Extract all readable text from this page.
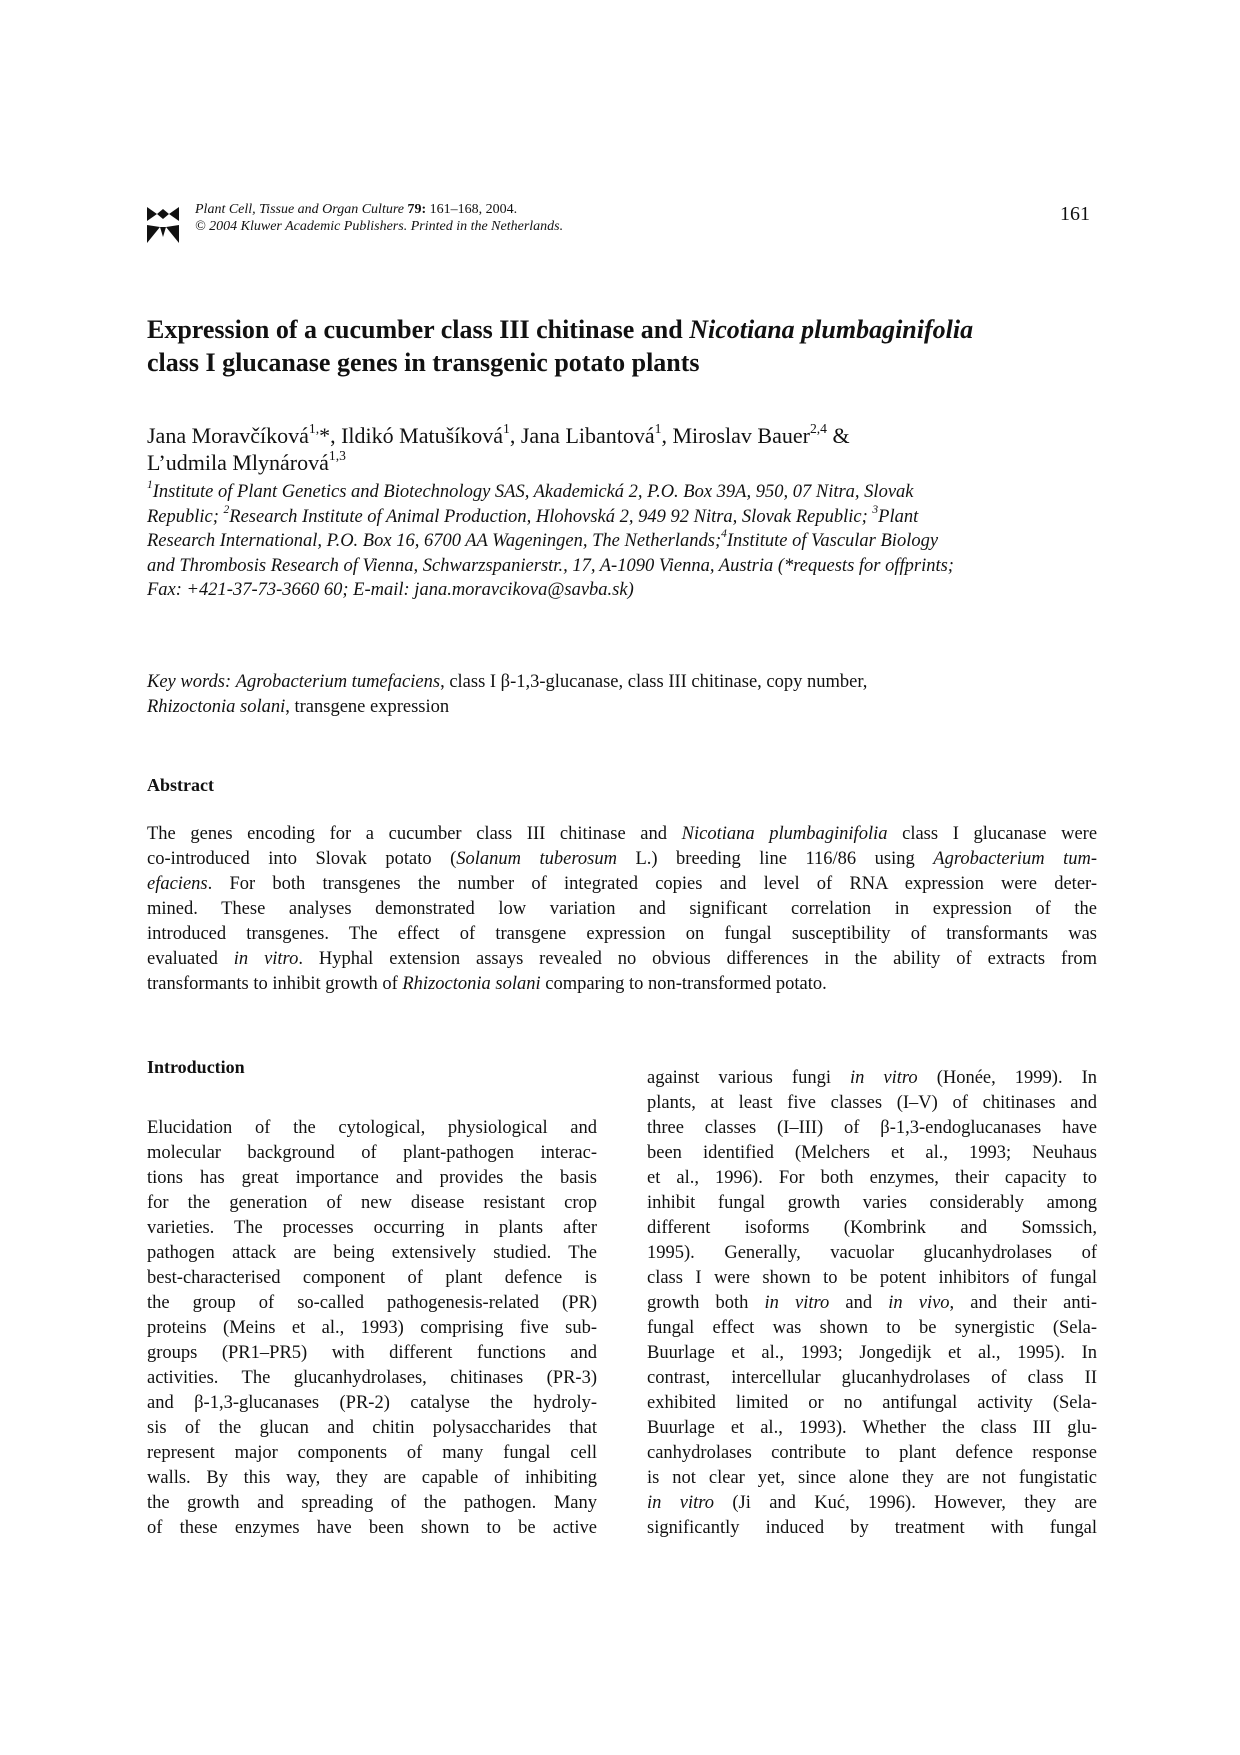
Plant Cell, Tissue and Organ Culture 79: 161–168, 2004.
© 2004 Kluwer Academic Publishers. Printed in the Netherlands.
161
Expression of a cucumber class III chitinase and Nicotiana plumbaginifolia
class I glucanase genes in transgenic potato plants
Jana Moravčíková$^{1,}$*, Ildikó Matušíková$^1$, Jana Libantová$^1$, Miroslav Bauer$^{2,4}$ &
L’udmila Mlynárová$^{1,3}$
$^1$Institute of Plant Genetics and Biotechnology SAS, Akademická 2, P.O. Box 39A, 950, 07 Nitra, Slovak
Republic; $^2$Research Institute of Animal Production, Hlohovská 2, 949 92 Nitra, Slovak Republic; $^3$Plant
Research International, P.O. Box 16, 6700 AA Wageningen, The Netherlands;$^4$Institute of Vascular Biology
and Thrombosis Research of Vienna, Schwarzspanierstr., 17, A-1090 Vienna, Austria (*requests for offprints;
Fax: +421-37-73-3660 60; E-mail: jana.moravcikova@savba.sk)
Key words: Agrobacterium tumefaciens, class I β-1,3-glucanase, class III chitinase, copy number,
Rhizoctonia solani, transgene expression
Abstract
The genes encoding for a cucumber class III chitinase and Nicotiana plumbaginifolia class I glucanase were
co-introduced into Slovak potato (Solanum tuberosum L.) breeding line 116/86 using Agrobacterium tum-
efaciens. For both transgenes the number of integrated copies and level of RNA expression were deter-
mined. These analyses demonstrated low variation and significant correlation in expression of the
introduced transgenes. The effect of transgene expression on fungal susceptibility of transformants was
evaluated in vitro. Hyphal extension assays revealed no obvious differences in the ability of extracts from
transformants to inhibit growth of Rhizoctonia solani comparing to non-transformed potato.
Introduction
Elucidation of the cytological, physiological and
molecular background of plant-pathogen interac-
tions has great importance and provides the basis
for the generation of new disease resistant crop
varieties. The processes occurring in plants after
pathogen attack are being extensively studied. The
best-characterised component of plant defence is
the group of so-called pathogenesis-related (PR)
proteins (Meins et al., 1993) comprising five sub-
groups (PR1–PR5) with different functions and
activities. The glucanhydrolases, chitinases (PR-3)
and β-1,3-glucanases (PR-2) catalyse the hydroly-
sis of the glucan and chitin polysaccharides that
represent major components of many fungal cell
walls. By this way, they are capable of inhibiting
the growth and spreading of the pathogen. Many
of these enzymes have been shown to be active
against various fungi in vitro (Honée, 1999). In
plants, at least five classes (I–V) of chitinases and
three classes (I–III) of β-1,3-endoglucanases have
been identified (Melchers et al., 1993; Neuhaus
et al., 1996). For both enzymes, their capacity to
inhibit fungal growth varies considerably among
different isoforms (Kombrink and Somssich,
1995). Generally, vacuolar glucanhydrolases of
class I were shown to be potent inhibitors of fungal
growth both in vitro and in vivo, and their anti-
fungal effect was shown to be synergistic (Sela-
Buurlage et al., 1993; Jongedijk et al., 1995). In
contrast, intercellular glucanhydrolases of class II
exhibited limited or no antifungal activity (Sela-
Buurlage et al., 1993). Whether the class III glu-
canhydrolases contribute to plant defence response
is not clear yet, since alone they are not fungistatic
in vitro (Ji and Kuć, 1996). However, they are
significantly induced by treatment with fungal
